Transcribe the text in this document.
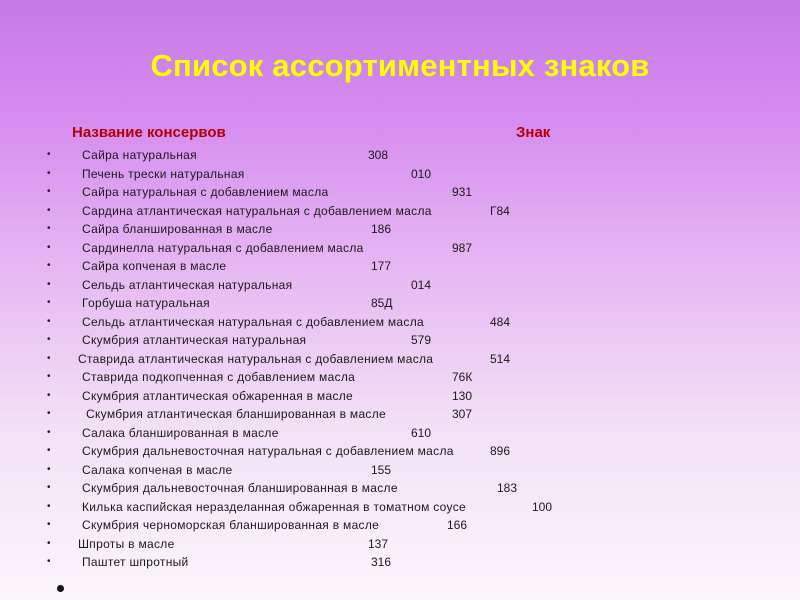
Список ассортиментных знаков
Название консервов	Знак
•	Сайра натуральная	308
•	Печень трески натуральная	010
•	Сайра натуральная с добавлением масла	931
•	Сардина атлантическая натуральная с добавлением масла	Г84
•	Сайра бланшированная в масле	186
•	Сардинелла натуральная с добавлением масла	987
•	Сайра копченая в масле	177
•	Сельдь атлантическая натуральная	014
•	Горбуша натуральная	85Д
•	Сельдь атлантическая натуральная с добавлением масла	484
•	Скумбрия атлантическая натуральная	579
• Ставрида атлантическая натуральная с добавлением масла	514
•	Ставрида подкопченная с добавлением масла	76К
•	Скумбрия атлантическая обжаренная в масле	130
•	Скумбрия атлантическая бланшированная в масле	307
•	Салака бланшированная в масле	610
•	Скумбрия дальневосточная натуральная с добавлением масла	896
•	Салака копченая в масле	155
•	Скумбрия дальневосточная бланшированная в масле	183
•	Килька каспийская неразделанная обжаренная в томатном соусе	100
•	Скумбрия черноморская бланшированная в масле	166
• Шпроты в масле	137
•	Паштет шпротный	316
